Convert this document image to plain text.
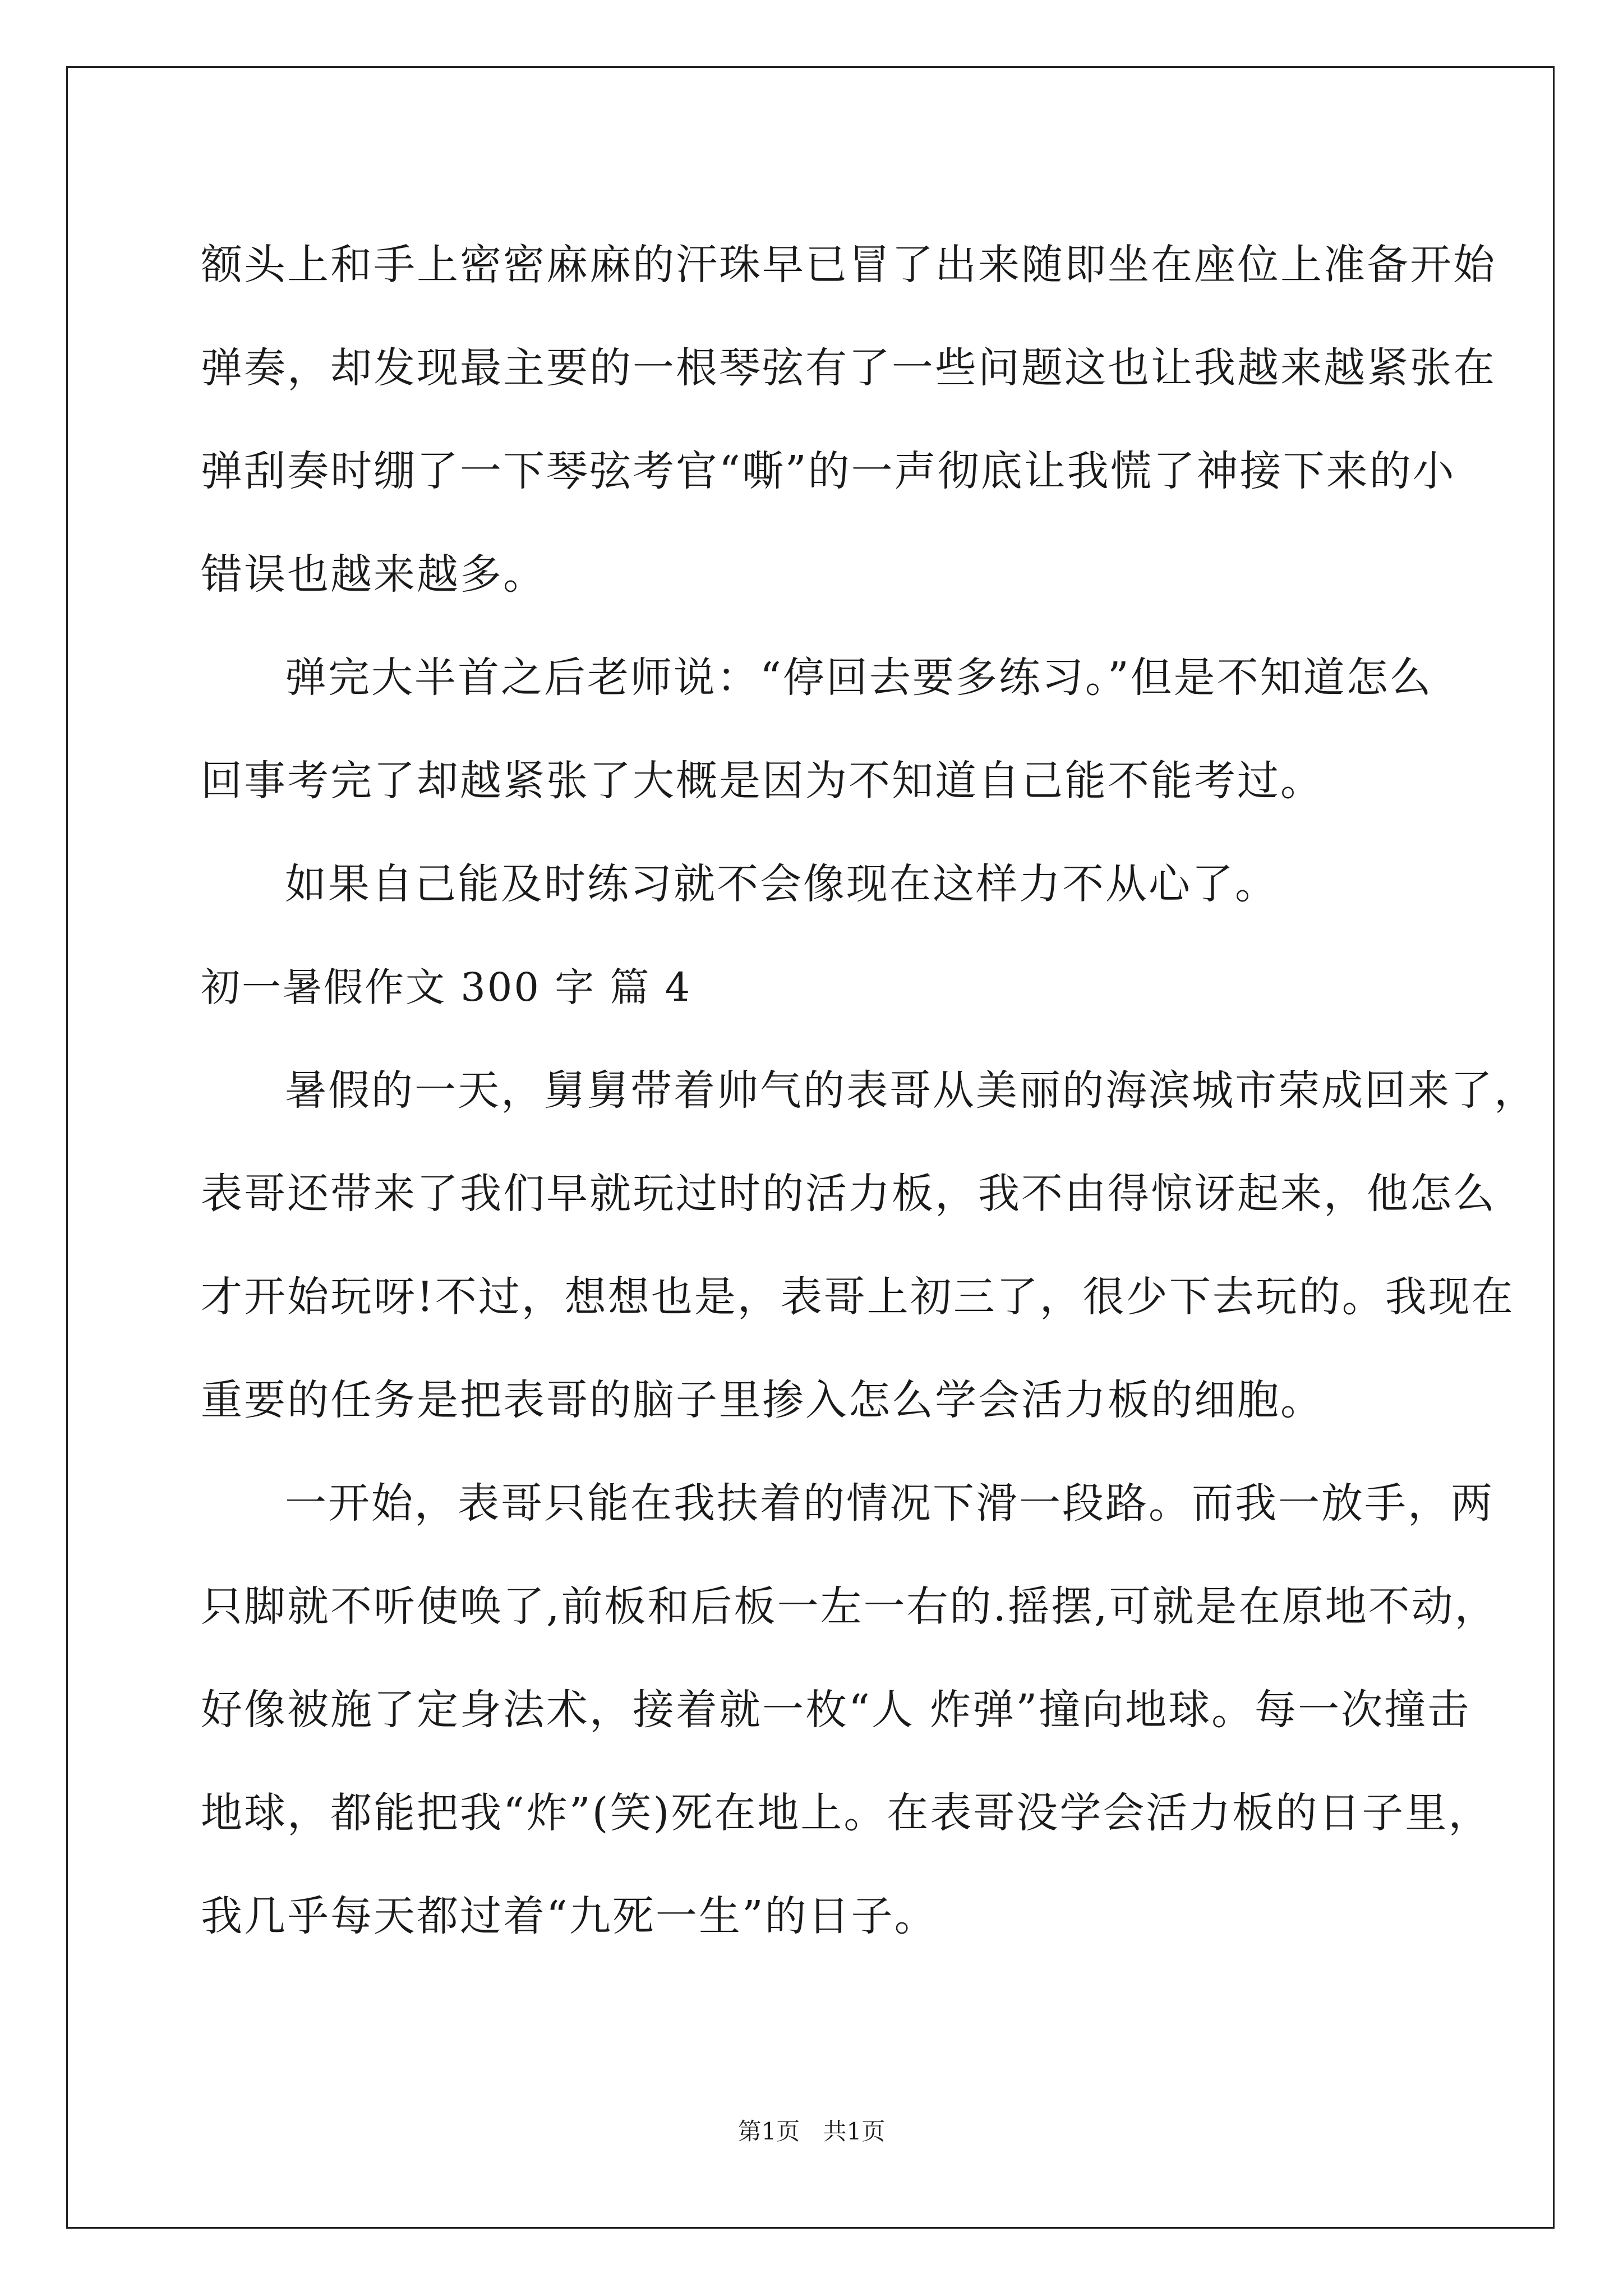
额头上和手上密密麻麻的汗珠早已冒了出来随即坐在座位上准备开始
弹奏，却发现最主要的一根琴弦有了一些问题这也让我越来越紧张在
弹刮奏时绷了一下琴弦考官“嘶”的一声彻底让我慌了神接下来的小
错误也越来越多。
弹完大半首之后老师说：“停回去要多练习。”但是不知道怎么
回事考完了却越紧张了大概是因为不知道自己能不能考过。
如果自己能及时练习就不会像现在这样力不从心了。
初一暑假作文 300 字 篇 4
暑假的一天，舅舅带着帅气的表哥从美丽的海滨城市荣成回来了，
表哥还带来了我们早就玩过时的活力板，我不由得惊讶起来，他怎么
才开始玩呀!不过，想想也是，表哥上初三了，很少下去玩的。我现在
重要的任务是把表哥的脑子里掺入怎么学会活力板的细胞。
一开始，表哥只能在我扶着的情况下滑一段路。而我一放手，两
只脚就不听使唤了,前板和后板一左一右的.摇摆,可就是在原地不动，
好像被施了定身法术，接着就一枚“人 炸弹”撞向地球。每一次撞击
地球，都能把我“炸”(笑)死在地上。在表哥没学会活力板的日子里，
我几乎每天都过着“九死一生”的日子。
第1页 共1页
